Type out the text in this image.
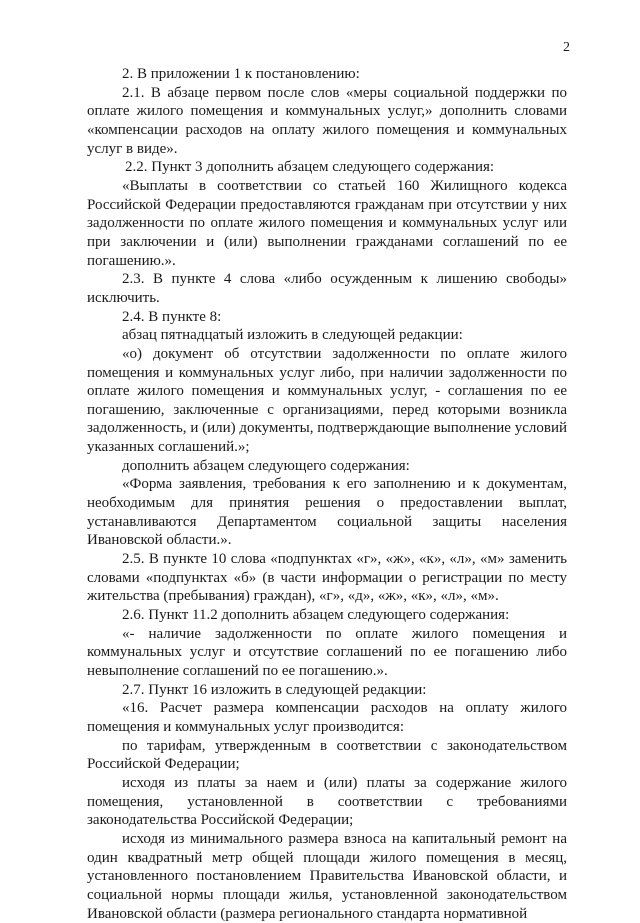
2

2. В приложении 1 к постановлению:

2.1. В абзаце первом после слов «меры социальной поддержки по оплате жилого помещения и коммунальных услуг,» дополнить словами «компенсации расходов на оплату жилого помещения и коммунальных услуг в виде».

2.2. Пункт 3 дополнить абзацем следующего содержания:

«Выплаты в соответствии со статьей 160 Жилищного кодекса Российской Федерации предоставляются гражданам при отсутствии у них задолженности по оплате жилого помещения и коммунальных услуг или при заключении и (или) выполнении гражданами соглашений по ее погашению.».

2.3. В пункте 4 слова «либо осужденным к лишению свободы» исключить.

2.4. В пункте 8:

абзац пятнадцатый изложить в следующей редакции:

«о) документ об отсутствии задолженности по оплате жилого помещения и коммунальных услуг либо, при наличии задолженности по оплате жилого помещения и коммунальных услуг, - соглашения по ее погашению, заключенные с организациями, перед которыми возникла задолженность, и (или) документы, подтверждающие выполнение условий указанных соглашений.»;

дополнить абзацем следующего содержания:

«Форма заявления, требования к его заполнению и к документам, необходимым для принятия решения о предоставлении выплат, устанавливаются Департаментом социальной защиты населения Ивановской области.».

2.5. В пункте 10 слова «подпунктах «г», «ж», «к», «л», «м» заменить словами «подпунктах «б» (в части информации о регистрации по месту жительства (пребывания) граждан), «г», «д», «ж», «к», «л», «м».

2.6. Пункт 11.2 дополнить абзацем следующего содержания:

«- наличие задолженности по оплате жилого помещения и коммунальных услуг и отсутствие соглашений по ее погашению либо невыполнение соглашений по ее погашению.».

2.7. Пункт 16 изложить в следующей редакции:

«16. Расчет размера компенсации расходов на оплату жилого помещения и коммунальных услуг производится:

по тарифам, утвержденным в соответствии с законодательством Российской Федерации;

исходя из платы за наем и (или) платы за содержание жилого помещения, установленной в соответствии с требованиями законодательства Российской Федерации;

исходя из минимального размера взноса на капитальный ремонт на один квадратный метр общей площади жилого помещения в месяц, установленного постановлением Правительства Ивановской области, и социальной нормы площади жилья, установленной законодательством Ивановской области (размера регионального стандарта нормативной
